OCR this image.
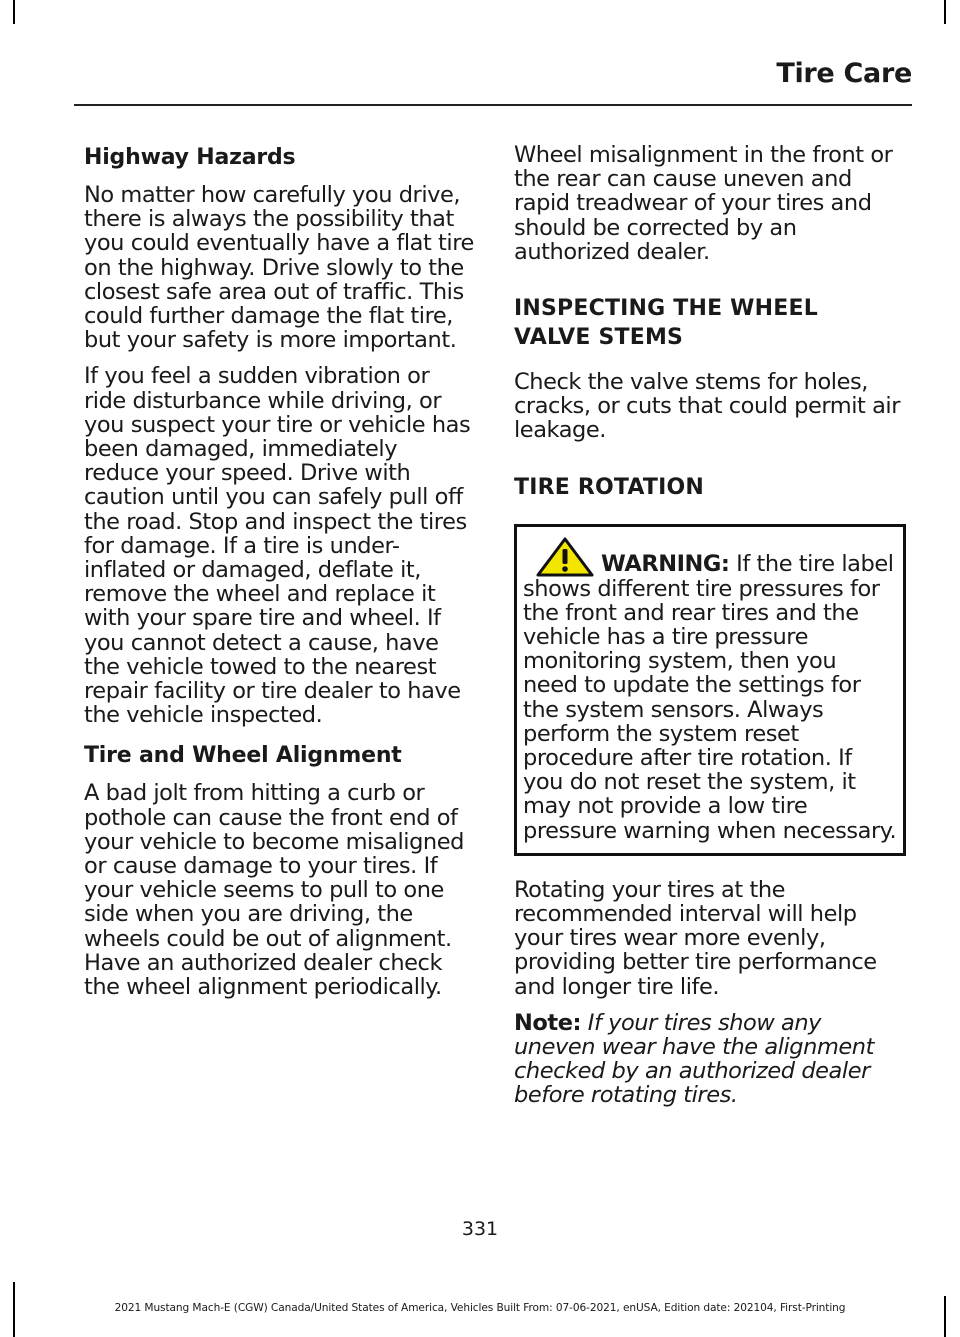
Tire Care
Highway Hazards

No matter how carefully you drive, there is always the possibility that you could eventually have a flat tire on the highway. Drive slowly to the closest safe area out of traffic. This could further damage the flat tire, but your safety is more important.

If you feel a sudden vibration or ride disturbance while driving, or you suspect your tire or vehicle has been damaged, immediately reduce your speed. Drive with caution until you can safely pull off the road. Stop and inspect the tires for damage. If a tire is under-inflated or damaged, deflate it, remove the wheel and replace it with your spare tire and wheel. If you cannot detect a cause, have the vehicle towed to the nearest repair facility or tire dealer to have the vehicle inspected.

Tire and Wheel Alignment

A bad jolt from hitting a curb or pothole can cause the front end of your vehicle to become misaligned or cause damage to your tires. If your vehicle seems to pull to one side when you are driving, the wheels could be out of alignment. Have an authorized dealer check the wheel alignment periodically.

Wheel misalignment in the front or the rear can cause uneven and rapid treadwear of your tires and should be corrected by an authorized dealer.

INSPECTING THE WHEEL
VALVE STEMS

Check the valve stems for holes, cracks, or cuts that could permit air leakage.

TIRE ROTATION
WARNING: If the tire label shows different tire pressures for the front and rear tires and the vehicle has a tire pressure monitoring system, then you need to update the settings for the system sensors. Always perform the system reset procedure after tire rotation. If you do not reset the system, it may not provide a low tire pressure warning when necessary.

Rotating your tires at the recommended interval will help your tires wear more evenly, providing better tire performance and longer tire life.

Note: If your tires show any uneven wear have the alignment checked by an authorized dealer before rotating tires.

331
2021 Mustang Mach-E (CGW) Canada/United States of America, Vehicles Built From: 07-06-2021, enUSA, Edition date: 202104, First-Printing
